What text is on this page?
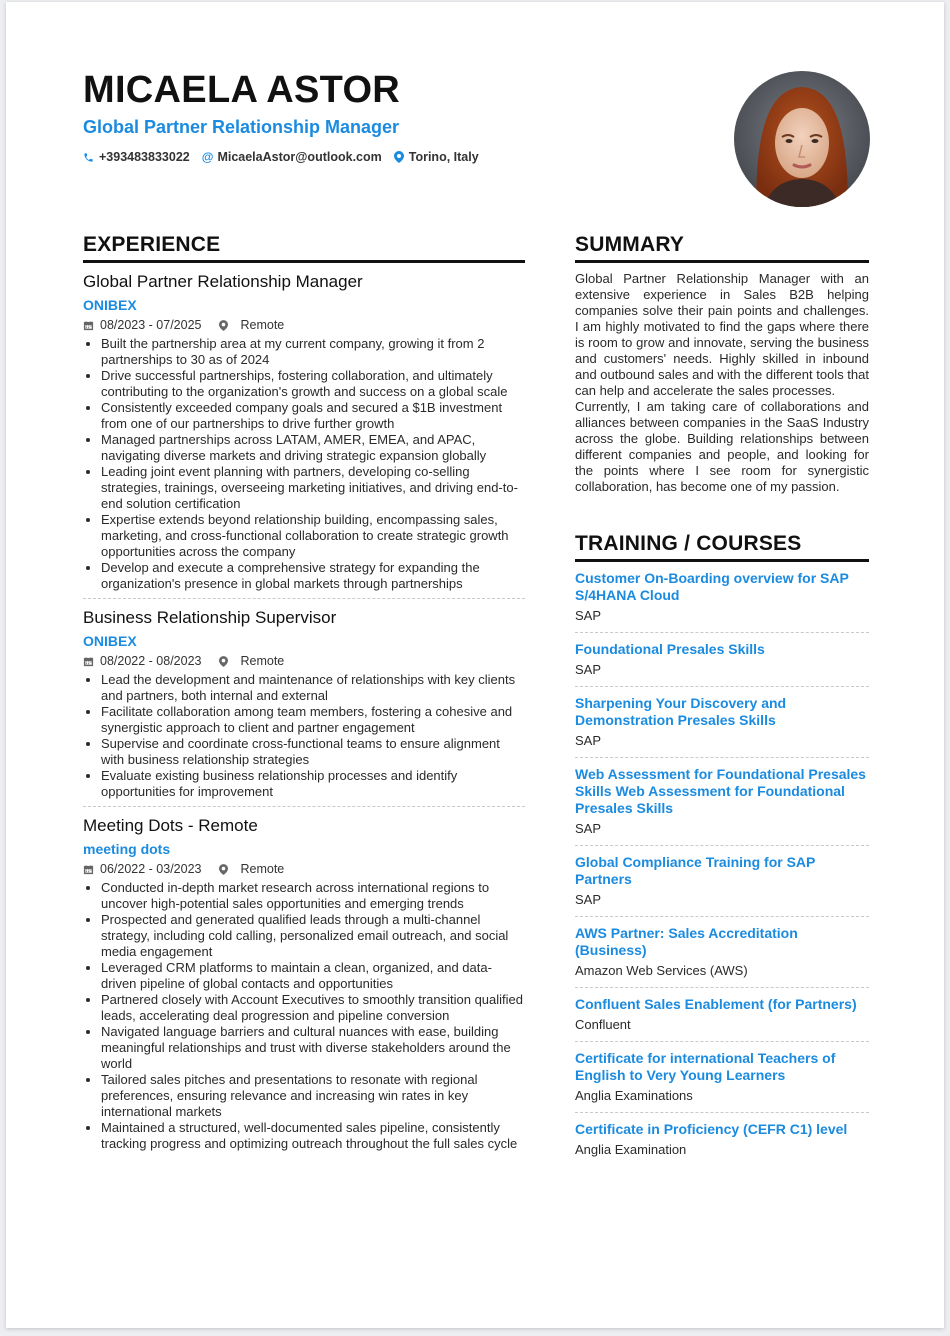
MICAELA ASTOR
Global Partner Relationship Manager
+393483833022 @ MicaelaAstor@outlook.com Torino, Italy
EXPERIENCE
Global Partner Relationship Manager
ONIBEX
08/2023 - 07/2025	Remote
• Built the partnership area at my current company, growing it from 2 partnerships to 30 as of 2024
• Drive successful partnerships, fostering collaboration, and ultimately contributing to the organization's growth and success on a global scale
• Consistently exceeded company goals and secured a $1B investment from one of our partnerships to drive further growth
• Managed partnerships across LATAM, AMER, EMEA, and APAC, navigating diverse markets and driving strategic expansion globally
• Leading joint event planning with partners, developing co-selling strategies, trainings, overseeing marketing initiatives, and driving end-to-end solution certification
• Expertise extends beyond relationship building, encompassing sales, marketing, and cross-functional collaboration to create strategic growth opportunities across the company
• Develop and execute a comprehensive strategy for expanding the organization's presence in global markets through partnerships
Business Relationship Supervisor
ONIBEX
08/2022 - 08/2023	Remote
• Lead the development and maintenance of relationships with key clients and partners, both internal and external
• Facilitate collaboration among team members, fostering a cohesive and synergistic approach to client and partner engagement
• Supervise and coordinate cross-functional teams to ensure alignment with business relationship strategies
• Evaluate existing business relationship processes and identify opportunities for improvement
Meeting Dots - Remote
meeting dots
06/2022 - 03/2023	Remote
• Conducted in-depth market research across international regions to uncover high-potential sales opportunities and emerging trends
• Prospected and generated qualified leads through a multi-channel strategy, including cold calling, personalized email outreach, and social media engagement
• Leveraged CRM platforms to maintain a clean, organized, and data-driven pipeline of global contacts and opportunities
• Partnered closely with Account Executives to smoothly transition qualified leads, accelerating deal progression and pipeline conversion
• Navigated language barriers and cultural nuances with ease, building meaningful relationships and trust with diverse stakeholders around the world
• Tailored sales pitches and presentations to resonate with regional preferences, ensuring relevance and increasing win rates in key international markets
• Maintained a structured, well-documented sales pipeline, consistently tracking progress and optimizing outreach throughout the full sales cycle
SUMMARY

Global Partner Relationship Manager with an extensive experience in Sales B2B helping companies solve their pain points and challenges. I am highly motivated to find the gaps where there is room to grow and innovate, serving the business and customers' needs. Highly skilled in inbound and outbound sales and with the different tools that can help and accelerate the sales processes.

Currently, I am taking care of collaborations and alliances between companies in the SaaS Industry across the globe. Building relationships between different companies and people, and looking for the points where I see room for synergistic collaboration, has become one of my passion.

TRAINING / COURSES
Customer On-Boarding overview for SAP S/4HANA Cloud
SAP
Foundational Presales Skills
SAP
Sharpening Your Discovery and Demonstration Presales Skills
SAP
Web Assessment for Foundational Presales Skills Web Assessment for Foundational Presales Skills
SAP
Global Compliance Training for SAP Partners
SAP
AWS Partner: Sales Accreditation (Business)
Amazon Web Services (AWS)
Confluent Sales Enablement (for Partners)
Confluent
Certificate for international Teachers of English to Very Young Learners
Anglia Examinations
Certificate in Proficiency (CEFR C1) level
Anglia Examination
